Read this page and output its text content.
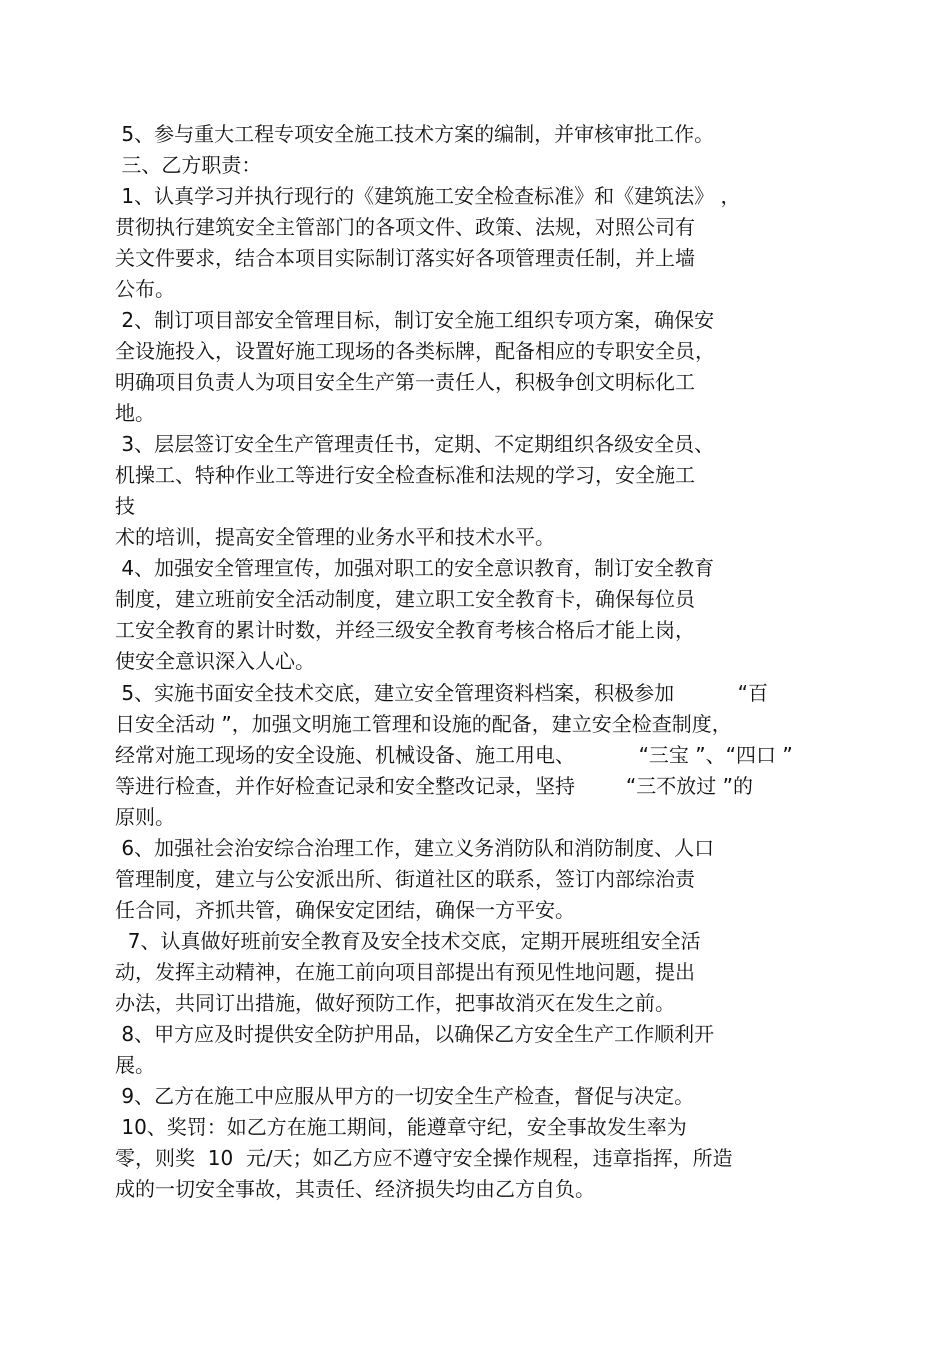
5、参与重大工程专项安全施工技术方案的编制，并审核审批工作。
三、乙方职责：
1、认真学习并执行现行的《建筑施工安全检查标准》和《建筑法》 ，
贯彻执行建筑安全主管部门的各项文件、政策、法规，对照公司有
关文件要求，结合本项目实际制订落实好各项管理责任制，并上墙
公布。
2、制订项目部安全管理目标，制订安全施工组织专项方案，确保安
全设施投入，设置好施工现场的各类标牌，配备相应的专职安全员，
明确项目负责人为项目安全生产第一责任人，积极争创文明标化工
地。
3、层层签订安全生产管理责任书，定期、不定期组织各级安全员、
机操工、特种作业工等进行安全检查标准和法规的学习，安全施工
技
术的培训，提高安全管理的业务水平和技术水平。
4、加强安全管理宣传，加强对职工的安全意识教育，制订安全教育
制度，建立班前安全活动制度，建立职工安全教育卡，确保每位员
工安全教育的累计时数，并经三级安全教育考核合格后才能上岗，
使安全意识深入人心。
5、实施书面安全技术交底，建立安全管理资料档案，积极参加          “百
日安全活动 ”，加强文明施工管理和设施的配备，建立安全检查制度，
经常对施工现场的安全设施、机械设备、施工用电、          “三宝 ”、“四口 ”
等进行检查，并作好检查记录和安全整改记录，坚持        “三不放过 ”的
原则。
6、加强社会治安综合治理工作，建立义务消防队和消防制度、人口
管理制度，建立与公安派出所、街道社区的联系，签订内部综治责
任合同，齐抓共管，确保安定团结，确保一方平安。
7、认真做好班前安全教育及安全技术交底，定期开展班组安全活
动，发挥主动精神，在施工前向项目部提出有预见性地问题，提出
办法，共同订出措施，做好预防工作，把事故消灭在发生之前。
8、甲方应及时提供安全防护用品，以确保乙方安全生产工作顺利开
展。
9、乙方在施工中应服从甲方的一切安全生产检查，督促与决定。
10、奖罚：如乙方在施工期间，能遵章守纪，安全事故发生率为
零，则奖  10  元/天；如乙方应不遵守安全操作规程，违章指挥，所造
成的一切安全事故，其责任、经济损失均由乙方自负。
